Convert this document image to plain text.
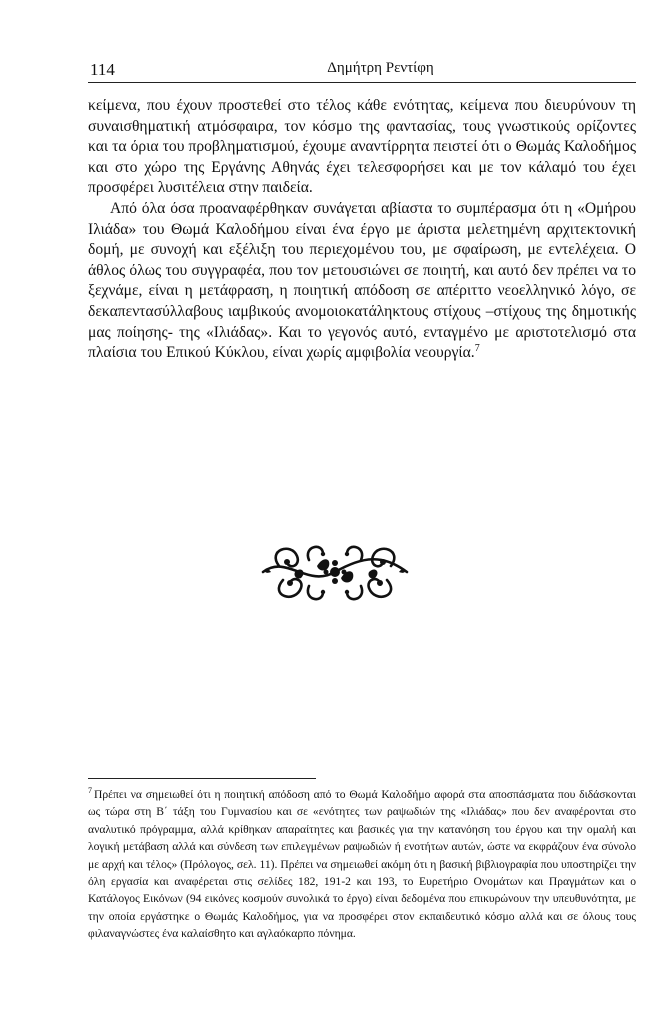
114	Δημήτρη Ρεντίφη

κείμενα, που έχουν προστεθεί στο τέλος κάθε ενότητας, κείμενα που διευρύνουν τη συναισθηματική ατμόσφαιρα, τον κόσμο της φαντασίας, τους γνωστικούς ορίζοντες και τα όρια του προβληματισμού, έχουμε αναντίρρητα πειστεί ότι ο Θωμάς Καλοδήμος και στο χώρο της Εργάνης Αθηνάς έχει τελεσφορήσει και με τον κάλαμό του έχει προσφέρει λυσιτέλεια στην παιδεία.

Από όλα όσα προαναφέρθηκαν συνάγεται αβίαστα το συμπέρασμα ότι η «Ομήρου Ιλιάδα» του Θωμά Καλοδήμου είναι ένα έργο με άριστα μελετημένη αρχιτεκτονική δομή, με συνοχή και εξέλιξη του περιεχομένου του, με σφαίρωση, με εντελέχεια. Ο άθλος όλως του συγγραφέα, που τον μετουσιώνει σε ποιητή, και αυτό δεν πρέπει να το ξεχνάμε, είναι η μετάφραση, η ποιητική απόδοση σε απέριττο νεοελληνικό λόγο, σε δεκαπεντασύλλαβους ιαμβικούς ανομοιοκατάληκτους στίχους –στίχους της δημοτικής μας ποίησης- της «Ιλιάδας». Και το γεγονός αυτό, ενταγμένο με αριστοτελισμό στα πλαίσια του Επικού Κύκλου, είναι χωρίς αμφιβολία νεουργία.$^7$

$^7$ Πρέπει να σημειωθεί ότι η ποιητική απόδοση από το Θωμά Καλοδήμο αφορά στα αποσπάσματα που διδάσκονται ως τώρα στη Β΄ τάξη του Γυμνασίου και σε «ενότητες των ραψωδιών της «Ιλιάδας» που δεν αναφέρονται στο αναλυτικό πρόγραμμα, αλλά κρίθηκαν απαραίτητες και βασικές για την κατανόηση του έργου και την ομαλή και λογική μετάβαση αλλά και σύνδεση των επιλεγμένων ραψωδιών ή ενοτήτων αυτών, ώστε να εκφράζουν ένα σύνολο με αρχή και τέλος» (Πρόλογος, σελ. 11). Πρέπει να σημειωθεί ακόμη ότι η βασική βιβλιογραφία που υποστηρίζει την όλη εργασία και αναφέρεται στις σελίδες 182, 191-2 και 193, το Ευρετήριο Ονομάτων και Πραγμάτων και ο Κατάλογος Εικόνων (94 εικόνες κοσμούν συνολικά το έργο) είναι δεδομένα που επικυρώνουν την υπευθυνότητα, με την οποία εργάστηκε ο Θωμάς Καλοδήμος, για να προσφέρει στον εκπαιδευτικό κόσμο αλλά και σε όλους τους φιλαναγνώστες ένα καλαίσθητο και αγλαόκαρπο πόνημα.
